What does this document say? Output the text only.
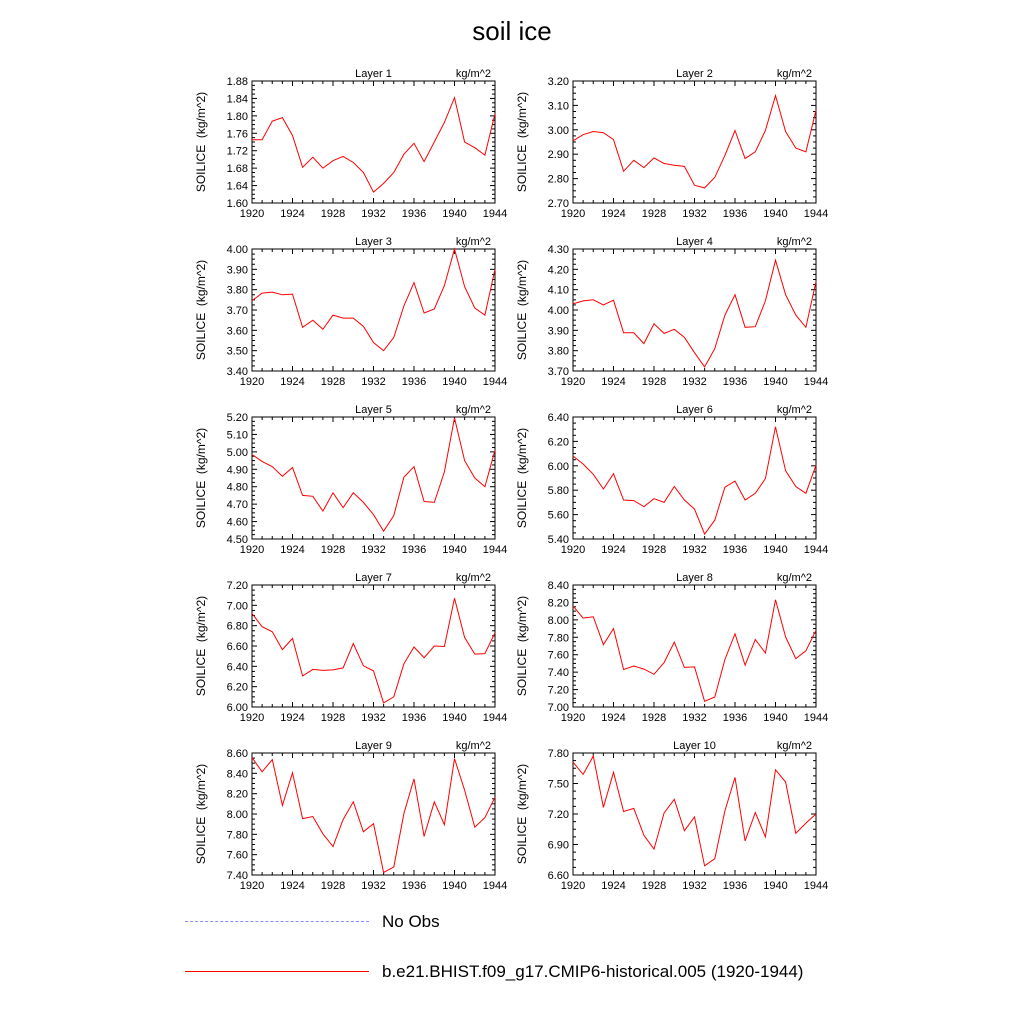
soil ice
1.60
1.64
1.68
1.72
1.76
1.80
1.84
1.88
1920 1924 1928 1932 1936 1940 1944
Layer 1	kg/m^2
SOILICE  (kg/m^2)
2.70
2.80
2.90
3.00
3.10
3.20
1920 1924 1928 1932 1936 1940 1944
Layer 2	kg/m^2
SOILICE  (kg/m^2)
3.40
3.50
3.60
3.70
3.80
3.90
4.00
1920 1924 1928 1932 1936 1940 1944
Layer 3	kg/m^2
SOILICE  (kg/m^2)
3.70
3.80
3.90
4.00
4.10
4.20
4.30
1920 1924 1928 1932 1936 1940 1944
Layer 4	kg/m^2
SOILICE  (kg/m^2)
4.50
4.60
4.70
4.80
4.90
5.00
5.10
5.20
1920 1924 1928 1932 1936 1940 1944
Layer 5	kg/m^2
SOILICE  (kg/m^2)
5.40
5.60
5.80
6.00
6.20
6.40
1920 1924 1928 1932 1936 1940 1944
Layer 6	kg/m^2
SOILICE  (kg/m^2)
6.00
6.20
6.40
6.60
6.80
7.00
7.20
1920 1924 1928 1932 1936 1940 1944
Layer 7	kg/m^2
SOILICE  (kg/m^2)
7.00
7.20
7.40
7.60
7.80
8.00
8.20
8.40
1920 1924 1928 1932 1936 1940 1944
Layer 8	kg/m^2
SOILICE  (kg/m^2)
7.40
7.60
7.80
8.00
8.20
8.40
8.60
1920 1924 1928 1932 1936 1940 1944
Layer 9	kg/m^2
SOILICE  (kg/m^2)
6.60
6.90
7.20
7.50
7.80
1920 1924 1928 1932 1936 1940 1944
Layer 10	kg/m^2
SOILICE  (kg/m^2)
No Obs
b.e21.BHIST.f09_g17.CMIP6-historical.005 (1920-1944)
